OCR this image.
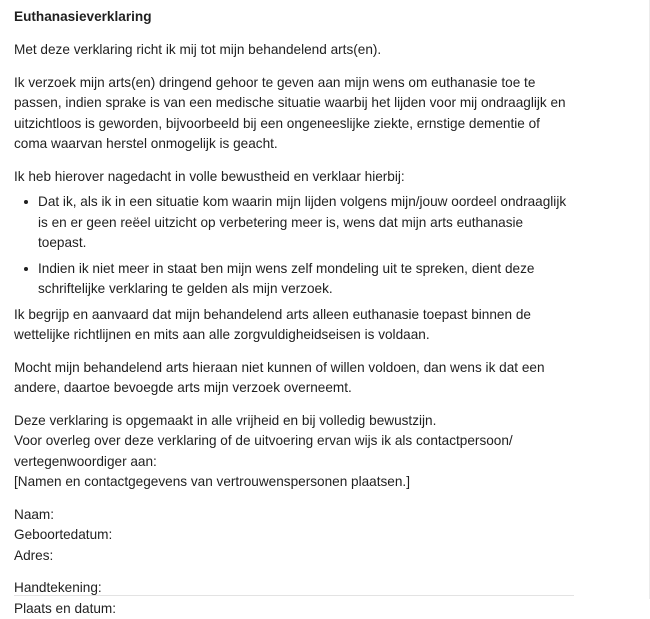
Euthanasieverklaring

Met deze verklaring richt ik mij tot mijn behandelend arts(en).

Ik verzoek mijn arts(en) dringend gehoor te geven aan mijn wens om euthanasie toe te passen, indien sprake is van een medische situatie waarbij het lijden voor mij ondraaglijk en uitzichtloos is geworden, bijvoorbeeld bij een ongeneeslijke ziekte, ernstige dementie of coma waarvan herstel onmogelijk is geacht.

Ik heb hierover nagedacht in volle bewustheid en verklaar hierbij:

Dat ik, als ik in een situatie kom waarin mijn lijden volgens mijn/jouw oordeel ondraaglijk is en er geen reëel uitzicht op verbetering meer is, wens dat mijn arts euthanasie toepast.
Indien ik niet meer in staat ben mijn wens zelf mondeling uit te spreken, dient deze schriftelijke verklaring te gelden als mijn verzoek.

Ik begrijp en aanvaard dat mijn behandelend arts alleen euthanasie toepast binnen de wettelijke richtlijnen en mits aan alle zorgvuldigheidseisen is voldaan.

Mocht mijn behandelend arts hieraan niet kunnen of willen voldoen, dan wens ik dat een andere, daartoe bevoegde arts mijn verzoek overneemt.

Deze verklaring is opgemaakt in alle vrijheid en bij volledig bewustzijn.

Voor overleg over deze verklaring of de uitvoering ervan wijs ik als contactpersoon/ vertegenwoordiger aan:

[Namen en contactgegevens van vertrouwenspersonen plaatsen.]

Naam:

Geboortedatum:

Adres:

Handtekening:

Plaats en datum:
